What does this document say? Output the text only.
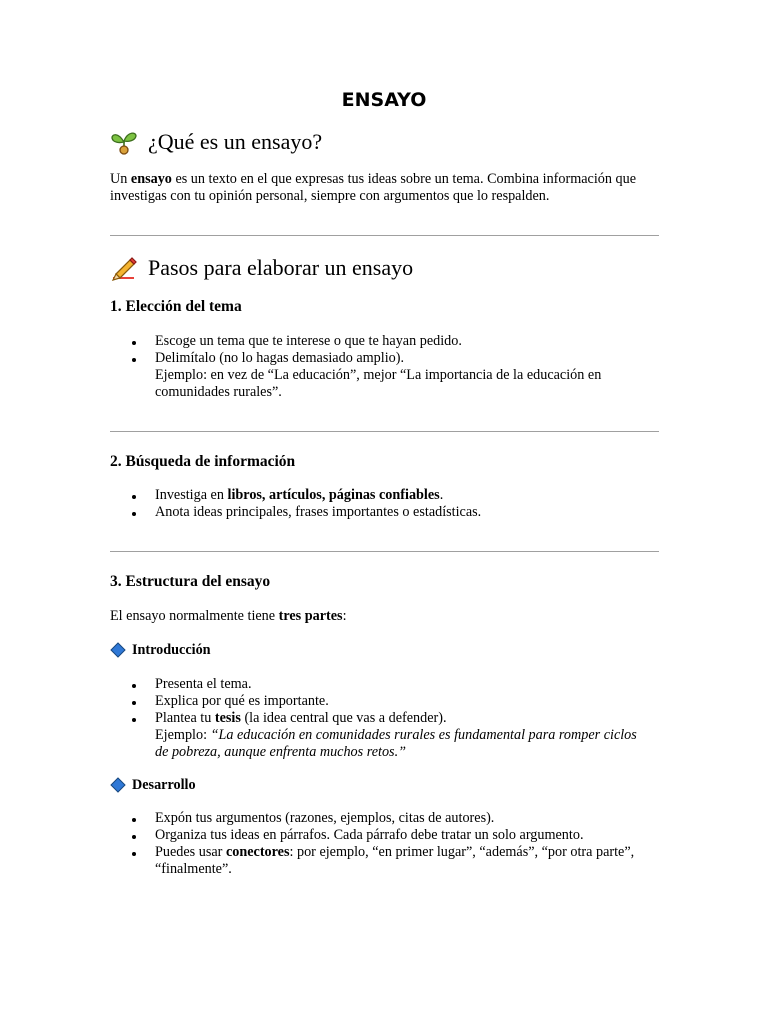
ENSAYO
¿Qué es un ensayo?
Un ensayo es un texto en el que expresas tus ideas sobre un tema. Combina información que investigas con tu opinión personal, siempre con argumentos que lo respalden.
Pasos para elaborar un ensayo
1. Elección del tema
Escoge un tema que te interese o que te hayan pedido.
Delimítalo (no lo hagas demasiado amplio).
Ejemplo: en vez de “La educación”, mejor “La importancia de la educación en comunidades rurales”.
2. Búsqueda de información
Investiga en libros, artículos, páginas confiables.
Anota ideas principales, frases importantes o estadísticas.
3. Estructura del ensayo
El ensayo normalmente tiene tres partes:
Introducción
Presenta el tema.
Explica por qué es importante.
Plantea tu tesis (la idea central que vas a defender).
Ejemplo: “La educación en comunidades rurales es fundamental para romper ciclos de pobreza, aunque enfrenta muchos retos.”
Desarrollo
Expón tus argumentos (razones, ejemplos, citas de autores).
Organiza tus ideas en párrafos. Cada párrafo debe tratar un solo argumento.
Puedes usar conectores: por ejemplo, “en primer lugar”, “además”, “por otra parte”, “finalmente”.
